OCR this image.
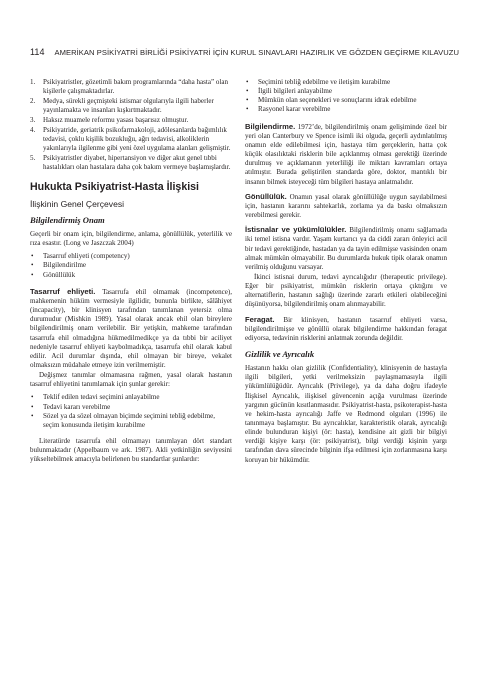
114 AMERİKAN PSİKİYATRİ BİRLİĞİ PSİKİYATRİ İÇİN KURUL SINAVLARI HAZIRLIK VE GÖZDEN GEÇİRME KILAVUZU
1. Psikiyatristler, gözetimli bakım programlarında “daha hasta” olan kişilerle çalışmaktadırlar.
2. Medya, sürekli geçmişteki istismar olgularıyla ilgili haberler yayınlamakta ve insanları kışkırtmaktadır.
3. Haksız muamele reformu yasası başarısız olmuştur.
4. Psikiyatride, geriatrik psikofarmakoloji, adölesanlarda bağımlılık tedavisi, çoklu kişilik bozukluğu, ağrı tedavisi, alkoliklerin yakınlarıyla ilgilenme gibi yeni özel uygulama alanları gelişmiştir.
5. Psikiyatristler diyabet, hipertansiyon ve diğer akut genel tıbbi hastalıkları olan hastalara daha çok bakım vermeye başlamışlardır.
Hukukta Psikiyatrist-Hasta İlişkisi
İlişkinin Genel Çerçevesi
Bilgilendirmiş Onam

Geçerli bir onam için, bilgilendirme, anlama, gönüllülük, yeterlilik ve rıza esastır. (Long ve Jaszczak 2004)

• Tasarruf ehliyeti (competency)
• Bilgilendirilme
• Gönüllülük

Tasarruf ehliyeti. Tasarrufa ehil olmamak (incompetence), mahkemenin hüküm vermesiyle ilgilidir, bununla birlikte, sâlâhiyet (incapacity), bir klinisyen tarafından tanımlanan yetersiz olma durumudur (Mishkin 1989). Yasal olarak ancak ehil olan bireylere bilgilendirilmiş onam verilebilir. Bir yetişkin, mahkeme tarafından tasarrufa ehil olmadığına hükmedilmedikçe ya da tıbbi bir aciliyet nedeniyle tasarruf ehliyeti kaybolmadıkça, tasarrufa ehil olarak kabul edilir. Acil durumlar dışında, ehil olmayan bir bireye, vekalet olmaksızın müdahale etmeye izin verilmemiştir.

Değişmez tanımlar olmamasına rağmen, yasal olarak hastanın tasarruf ehliyetini tanımlamak için şunlar gerekir:

• Teklif edilen tedavi seçimini anlayabilme
• Tedavi kararı verebilme
• Sözel ya da sözel olmayan biçimde seçimini tebliğ edebilme, seçim konusunda iletişim kurabilme

Literatürde tasarrufa ehil olmamayı tanımlayan dört standart bulunmaktadır (Appelbaum ve ark. 1987). Akli yetkinliğin seviyesini yükseltebilmek amacıyla belirlenen bu standartlar şunlardır:

• Seçimini tebliğ edebilme ve iletişim kurabilme
• İlgili bilgileri anlayabilme
• Mümkün olan seçenekleri ve sonuçlarını idrak edebilme
• Rasyonel karar verebilme

Bilgilendirme. 1972’de, bilgilendirilmiş onam gelişiminde özel bir yeri olan Canterbury ve Spence isimli iki olguda, geçerli aydınlatılmış onamın elde edilebilmesi için, hastaya tüm gerçeklerin, hatta çok küçük olasılıktaki risklerin bile açıklanmış olması gerektiği üzerinde durulmuş ve açıklamanın yeterliliği ile miktarı kavramları ortaya atılmıştır. Burada geliştirilen standarda göre, doktor, mantıklı bir insanın bilmek isteyeceği tüm bilgileri hastaya anlatmalıdır.

Gönüllülük. Onamın yasal olarak gönüllülüğe uygun sayılabilmesi için, hastanın kararını sahtekarlık, zorlama ya da baskı olmaksızın verebilmesi gerekir.

İstisnalar ve yükümlülükler. Bilgilendirilmiş onamı sağlamada iki temel istisna vardır. Yaşam kurtarıcı ya da ciddi zararı önleyici acil bir tedavi gerektiğinde, hastadan ya da tayin edilmişse vasisinden onam almak mümkün olmayabilir. Bu durumlarda hukuk tipik olarak onamın verilmiş olduğunu varsayar.

İkinci istisnai durum, tedavi ayrıcalığıdır (therapeutic privilege). Eğer bir psikiyatrist, mümkün risklerin ortaya çıktığını ve alternatiflerin, hastanın sağlığı üzerinde zararlı etkileri olabileceğini düşünüyorsa, bilgilendirilmiş onam alınmayabilir.

Feragat. Bir klinisyen, hastanın tasarruf ehliyeti varsa, bilgilendirilmişse ve gönüllü olarak bilgilendirme hakkından feragat ediyorsa, tedavinin risklerini anlatmak zorunda değildir.

Gizlilik ve Ayrıcalık

Hastanın hakkı olan gizlilik (Confidentiality), klinisyenin de hastayla ilgili bilgileri, yetki verilmeksizin paylaşmamasıyla ilgili yükümlülüğüdür. Ayrıcalık (Privilege), ya da daha doğru ifadeyle İlişkisel Ayrıcalık, ilişkisel güvencenin açığa vurulması üzerinde yargının gücünün kısıtlanmasıdır. Psikiyatrist-hasta, psikoterapist-hasta ve hekim-hasta ayrıcalığı Jaffe ve Redmond olguları (1996) ile tanınmaya başlamıştır. Bu ayrıcalıklar, karakteristik olarak, ayrıcalığı elinde bulunduran kişiyi (ör: hasta), kendisine ait gizli bir bilgiyi verdiği kişiye karşı (ör: psikiyatrist), bilgi verdiği kişinin yargı tarafından dava sürecinde bilginin ifşa edilmesi için zorlanmasına karşı koruyan bir hükümdür.
